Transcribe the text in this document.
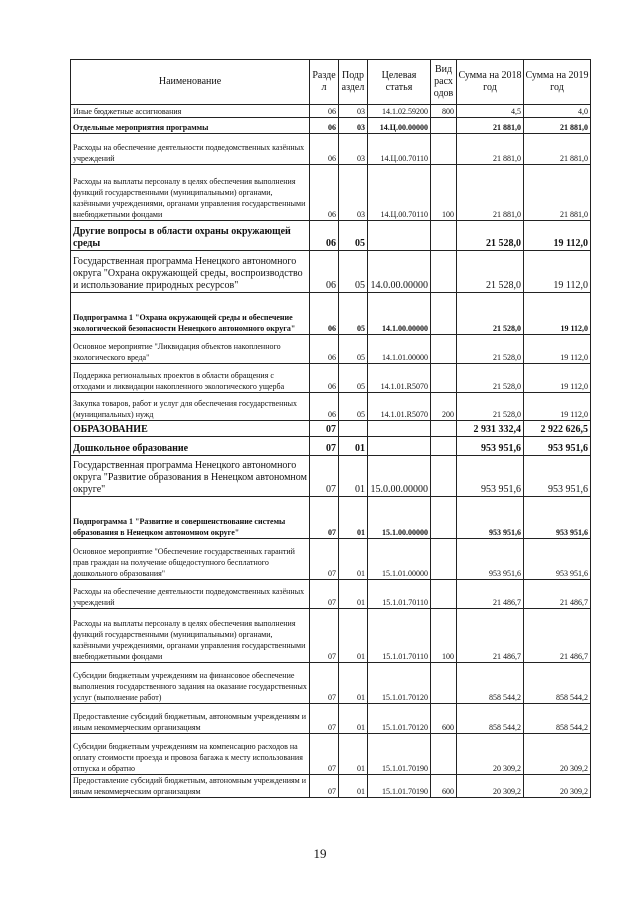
Наименование	Разде л	Подр аздел	Целевая статья	Вид расх одов	Сумма на 2018 год	Сумма на 2019 год
Иные бюджетные ассигнования	06	03	14.1.02.59200	800	4,5	4,0
Отдельные мероприятия программы	06	03	14.Ц.00.00000		21 881,0	21 881,0
Расходы на обеспечение деятельности подведомственных казённых учреждений	06	03	14.Ц.00.70110		21 881,0	21 881,0
Расходы на выплаты персоналу в целях обеспечения выполнения функций государственными (муниципальными) органами, казёнными учреждениями, органами управления государственными внебюджетными фондами	06	03	14.Ц.00.70110	100	21 881,0	21 881,0
Другие вопросы в области охраны окружающей среды	06	05			21 528,0	19 112,0
Государственная программа Ненецкого автономного округа "Охрана окружающей среды, воспроизводство и использование природных ресурсов"	06	05	14.0.00.00000		21 528,0	19 112,0
Подпрограмма 1 "Охрана окружающей среды и обеспечение экологической безопасности Ненецкого автономного округа"	06	05	14.1.00.00000		21 528,0	19 112,0
Основное мероприятие "Ликвидация объектов накопленного экологического вреда"	06	05	14.1.01.00000		21 528,0	19 112,0
Поддержка региональных проектов в области обращения с отходами и ликвидации накопленного экологического ущерба	06	05	14.1.01.R5070		21 528,0	19 112,0
Закупка товаров, работ и услуг для обеспечения государственных (муниципальных) нужд	06	05	14.1.01.R5070	200	21 528,0	19 112,0
ОБРАЗОВАНИЕ	07				2 931 332,4	2 922 626,5
Дошкольное образование	07	01			953 951,6	953 951,6
Государственная программа Ненецкого автономного округа "Развитие образования в Ненецком автономном округе"	07	01	15.0.00.00000		953 951,6	953 951,6
Подпрограмма 1 "Развитие и совершенствование системы образования в Ненецком автономном округе"	07	01	15.1.00.00000		953 951,6	953 951,6
Основное мероприятие "Обеспечение государственных гарантий прав граждан на получение общедоступного бесплатного дошкольного образования"	07	01	15.1.01.00000		953 951,6	953 951,6
Расходы на обеспечение деятельности подведомственных казённых учреждений	07	01	15.1.01.70110		21 486,7	21 486,7
Расходы на выплаты персоналу в целях обеспечения выполнения функций государственными (муниципальными) органами, казёнными учреждениями, органами управления государственными внебюджетными фондами	07	01	15.1.01.70110	100	21 486,7	21 486,7
Субсидии бюджетным учреждениям на финансовое обеспечение выполнения государственного задания на оказание государственных услуг (выполнение работ)	07	01	15.1.01.70120		858 544,2	858 544,2
Предоставление субсидий бюджетным, автономным учреждениям и иным некоммерческим организациям	07	01	15.1.01.70120	600	858 544,2	858 544,2
Субсидии бюджетным учреждениям на компенсацию расходов на оплату стоимости проезда и провоза багажа к месту использования отпуска и обратно	07	01	15.1.01.70190		20 309,2	20 309,2
Предоставление субсидий бюджетным, автономным учреждениям и иным некоммерческим организациям	07	01	15.1.01.70190	600	20 309,2	20 309,2
19
